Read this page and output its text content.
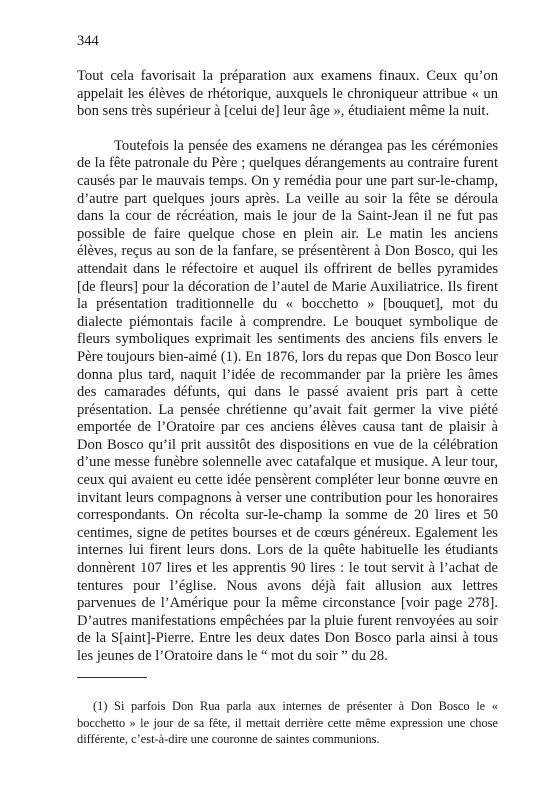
344

Tout cela favorisait la préparation aux examens finaux. Ceux qu’on appelait les élèves de rhétorique, auxquels le chroniqueur attribue « un bon sens très supérieur à [celui de] leur âge », étudiaient même la nuit.

Toutefois la pensée des examens ne dérangea pas les cérémonies de la fête patronale du Père ; quelques dérangements au contraire furent causés par le mauvais temps. On y remédia pour une part sur-le-champ, d’autre part quelques jours après. La veille au soir la fête se déroula dans la cour de récréation, mais le jour de la Saint-Jean il ne fut pas possible de faire quelque chose en plein air. Le matin les anciens élèves, reçus au son de la fanfare, se présentèrent à Don Bosco, qui les attendait dans le réfectoire et auquel ils offrirent de belles pyramides [de fleurs] pour la décoration de l’autel de Marie Auxiliatrice. Ils firent la présentation traditionnelle du « bocchetto » [bouquet], mot du dialecte piémontais facile à comprendre. Le bouquet symbolique de fleurs symboliques exprimait les sentiments des anciens fils envers le Père toujours bien-aimé (1). En 1876, lors du repas que Don Bosco leur donna plus tard, naquit l’idée de recommander par la prière les âmes des camarades défunts, qui dans le passé avaient pris part à cette présentation. La pensée chrétienne qu’avait fait germer la vive piété emportée de l’Oratoire par ces anciens élèves causa tant de plaisir à Don Bosco qu’il prit aussitôt des dispositions en vue de la célébration d’une messe funèbre solennelle avec catafalque et musique. A leur tour, ceux qui avaient eu cette idée pensèrent compléter leur bonne œuvre en invitant leurs compagnons à verser une contribution pour les honoraires correspondants. On récolta sur-le-champ la somme de 20 lires et 50 centimes, signe de petites bourses et de cœurs généreux. Egalement les internes lui firent leurs dons. Lors de la quête habituelle les étudiants donnèrent 107 lires et les apprentis 90 lires : le tout servit à l’achat de tentures pour l’église. Nous avons déjà fait allusion aux lettres parvenues de l’Amérique pour la même circonstance [voir page 278]. D’autres manifestations empêchées par la pluie furent renvoyées au soir de la S[aint]-Pierre. Entre les deux dates Don Bosco parla ainsi à tous les jeunes de l’Oratoire dans le “ mot du soir ” du 28.

(1) Si parfois Don Rua parla aux internes de présenter à Don Bosco le « bocchetto » le jour de sa fête, il mettait derrière cette même expression une chose différente, c’est-à-dire une couronne de saintes communions.
